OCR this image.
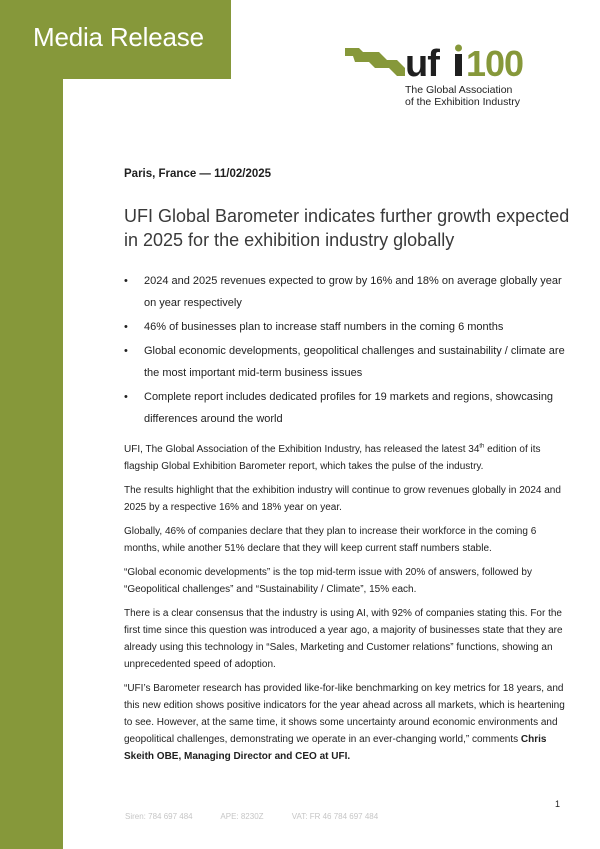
Media Release
uf 100
The Global Association
of the Exhibition Industry

Paris, France — 11/02/2025

UFI Global Barometer indicates further growth expected in 2025 for the exhibition industry globally
• 2024 and 2025 revenues expected to grow by 16% and 18% on average globally year on year respectively
• 46% of businesses plan to increase staff numbers in the coming 6 months
• Global economic developments, geopolitical challenges and sustainability / climate are the most important mid-term business issues
• Complete report includes dedicated profiles for 19 markets and regions, showcasing differences around the world

UFI, The Global Association of the Exhibition Industry, has released the latest 34th edition of its flagship Global Exhibition Barometer report, which takes the pulse of the industry.

The results highlight that the exhibition industry will continue to grow revenues globally in 2024 and 2025 by a respective 16% and 18% year on year.

Globally, 46% of companies declare that they plan to increase their workforce in the coming 6 months, while another 51% declare that they will keep current staff numbers stable.

“Global economic developments” is the top mid-term issue with 20% of answers, followed by “Geopolitical challenges” and “Sustainability / Climate”, 15% each.

There is a clear consensus that the industry is using AI, with 92% of companies stating this. For the first time since this question was introduced a year ago, a majority of businesses state that they are already using this technology in “Sales, Marketing and Customer relations” functions, showing an unprecedented speed of adoption.

“UFI’s Barometer research has provided like-for-like benchmarking on key metrics for 18 years, and this new edition shows positive indicators for the year ahead across all markets, which is heartening to see. However, at the same time, it shows some uncertainty around economic environments and geopolitical challenges, demonstrating we operate in an ever-changing world,” comments Chris Skeith OBE, Managing Director and CEO at UFI.

1
Siren: 784 697 484	APE: 8230Z	VAT: FR 46 784 697 484
